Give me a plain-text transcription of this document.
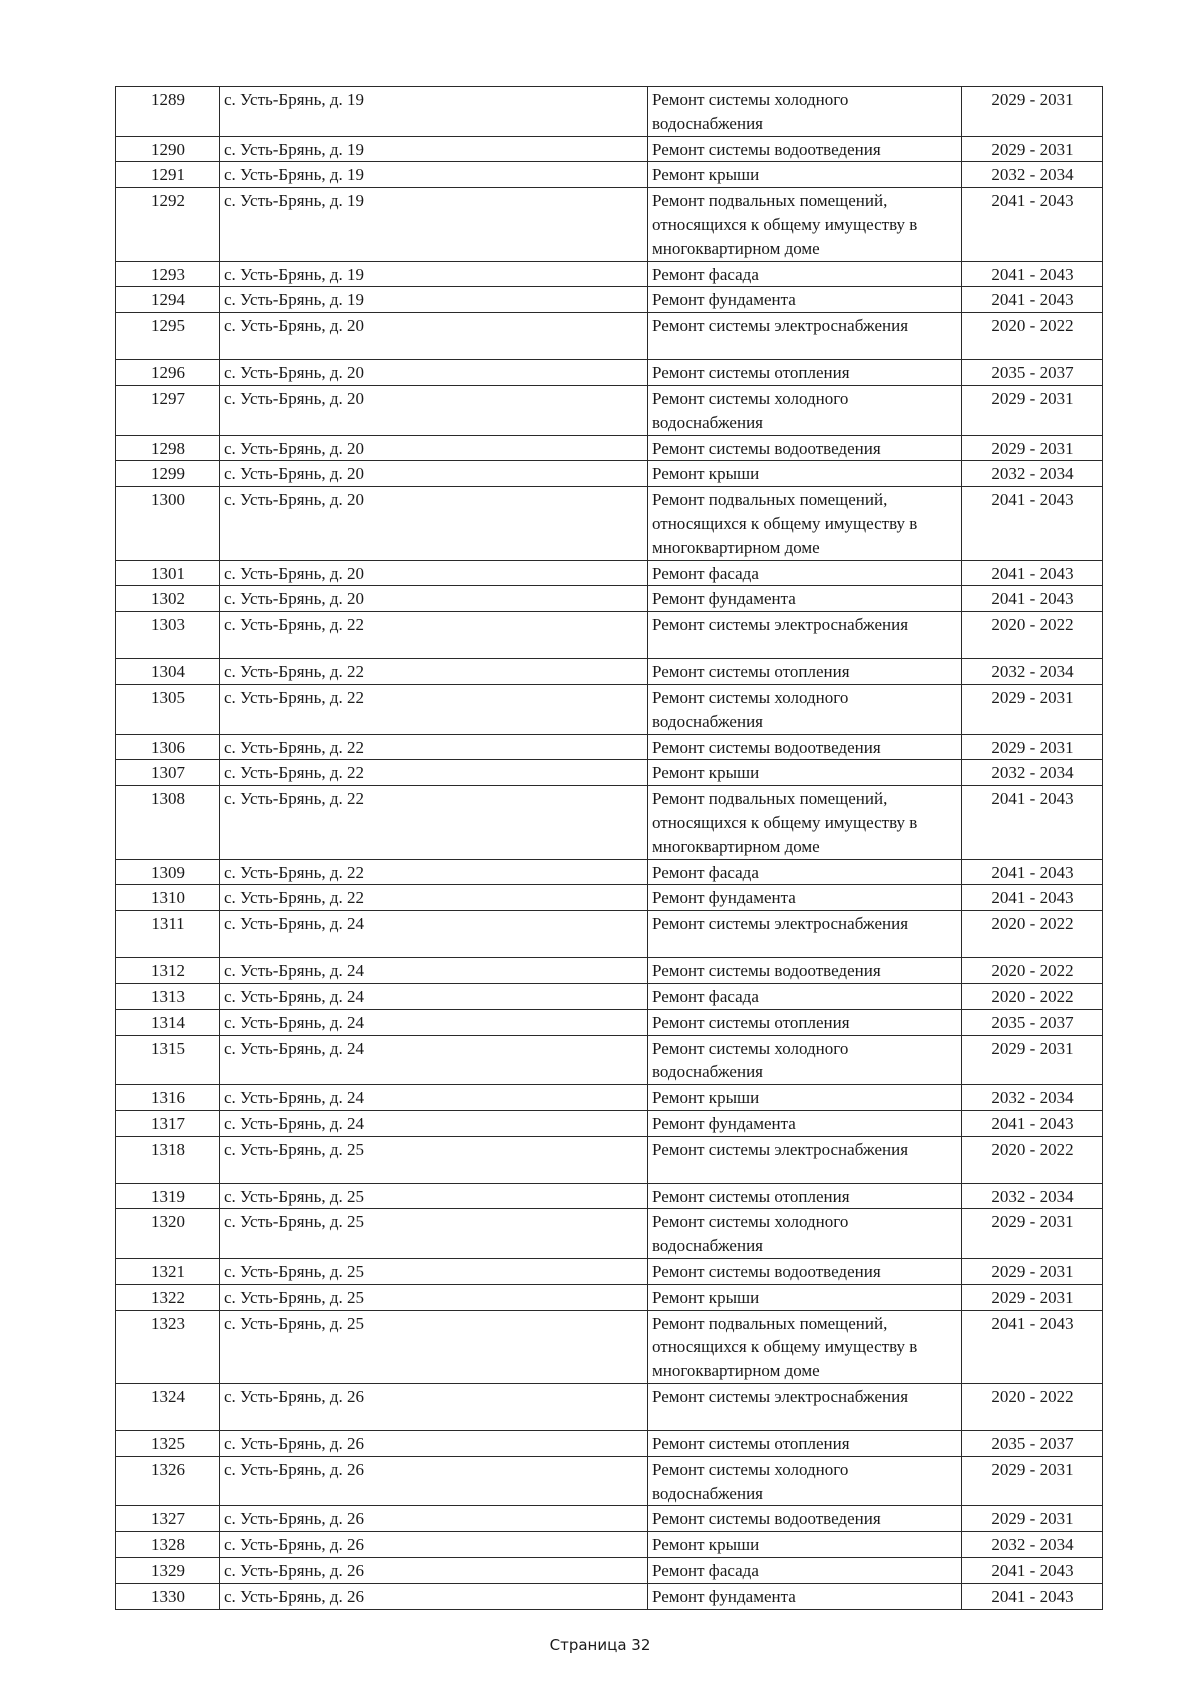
1289	с. Усть-Брянь, д. 19	Ремонт системы холодного водоснабжения	2029 - 2031
1290	с. Усть-Брянь, д. 19	Ремонт системы водоотведения	2029 - 2031
1291	с. Усть-Брянь, д. 19	Ремонт крыши	2032 - 2034
1292	с. Усть-Брянь, д. 19	Ремонт подвальных помещений, относящихся к общему имуществу в многоквартирном доме	2041 - 2043
1293	с. Усть-Брянь, д. 19	Ремонт фасада	2041 - 2043
1294	с. Усть-Брянь, д. 19	Ремонт фундамента	2041 - 2043
1295	с. Усть-Брянь, д. 20	Ремонт системы электроснабжения	2020 - 2022
1296	с. Усть-Брянь, д. 20	Ремонт системы отопления	2035 - 2037
1297	с. Усть-Брянь, д. 20	Ремонт системы холодного водоснабжения	2029 - 2031
1298	с. Усть-Брянь, д. 20	Ремонт системы водоотведения	2029 - 2031
1299	с. Усть-Брянь, д. 20	Ремонт крыши	2032 - 2034
1300	с. Усть-Брянь, д. 20	Ремонт подвальных помещений, относящихся к общему имуществу в многоквартирном доме	2041 - 2043
1301	с. Усть-Брянь, д. 20	Ремонт фасада	2041 - 2043
1302	с. Усть-Брянь, д. 20	Ремонт фундамента	2041 - 2043
1303	с. Усть-Брянь, д. 22	Ремонт системы электроснабжения	2020 - 2022
1304	с. Усть-Брянь, д. 22	Ремонт системы отопления	2032 - 2034
1305	с. Усть-Брянь, д. 22	Ремонт системы холодного водоснабжения	2029 - 2031
1306	с. Усть-Брянь, д. 22	Ремонт системы водоотведения	2029 - 2031
1307	с. Усть-Брянь, д. 22	Ремонт крыши	2032 - 2034
1308	с. Усть-Брянь, д. 22	Ремонт подвальных помещений, относящихся к общему имуществу в многоквартирном доме	2041 - 2043
1309	с. Усть-Брянь, д. 22	Ремонт фасада	2041 - 2043
1310	с. Усть-Брянь, д. 22	Ремонт фундамента	2041 - 2043
1311	с. Усть-Брянь, д. 24	Ремонт системы электроснабжения	2020 - 2022
1312	с. Усть-Брянь, д. 24	Ремонт системы водоотведения	2020 - 2022
1313	с. Усть-Брянь, д. 24	Ремонт фасада	2020 - 2022
1314	с. Усть-Брянь, д. 24	Ремонт системы отопления	2035 - 2037
1315	с. Усть-Брянь, д. 24	Ремонт системы холодного водоснабжения	2029 - 2031
1316	с. Усть-Брянь, д. 24	Ремонт крыши	2032 - 2034
1317	с. Усть-Брянь, д. 24	Ремонт фундамента	2041 - 2043
1318	с. Усть-Брянь, д. 25	Ремонт системы электроснабжения	2020 - 2022
1319	с. Усть-Брянь, д. 25	Ремонт системы отопления	2032 - 2034
1320	с. Усть-Брянь, д. 25	Ремонт системы холодного водоснабжения	2029 - 2031
1321	с. Усть-Брянь, д. 25	Ремонт системы водоотведения	2029 - 2031
1322	с. Усть-Брянь, д. 25	Ремонт крыши	2029 - 2031
1323	с. Усть-Брянь, д. 25	Ремонт подвальных помещений, относящихся к общему имуществу в многоквартирном доме	2041 - 2043
1324	с. Усть-Брянь, д. 26	Ремонт системы электроснабжения	2020 - 2022
1325	с. Усть-Брянь, д. 26	Ремонт системы отопления	2035 - 2037
1326	с. Усть-Брянь, д. 26	Ремонт системы холодного водоснабжения	2029 - 2031
1327	с. Усть-Брянь, д. 26	Ремонт системы водоотведения	2029 - 2031
1328	с. Усть-Брянь, д. 26	Ремонт крыши	2032 - 2034
1329	с. Усть-Брянь, д. 26	Ремонт фасада	2041 - 2043
1330	с. Усть-Брянь, д. 26	Ремонт фундамента	2041 - 2043
Страница 32
